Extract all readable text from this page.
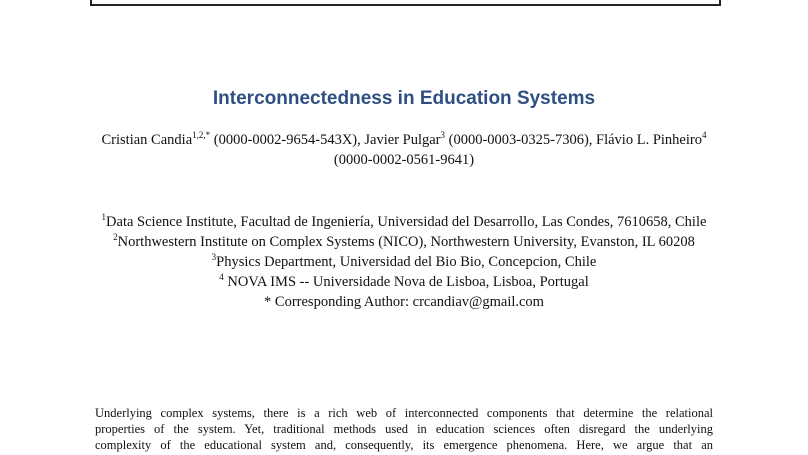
Interconnectedness in Education Systems
Cristian Candia$^{1,2,*}$ (0000-0002-9654-543X), Javier Pulgar$^3$ (0000-0003-0325-7306), Flávio L. Pinheiro$^4$ (0000-0002-0561-9641)
$^1$Data Science Institute, Facultad de Ingeniería, Universidad del Desarrollo, Las Condes, 7610658, Chile
$^2$Northwestern Institute on Complex Systems (NICO), Northwestern University, Evanston, IL 60208
$^3$Physics Department, Universidad del Bio Bio, Concepcion, Chile
$^4$ NOVA IMS -- Universidade Nova de Lisboa, Lisboa, Portugal
* Corresponding Author: crcandiav@gmail.com
Underlying complex systems, there is a rich web of interconnected components that determine the relational
properties of the system. Yet, traditional methods used in education sciences often disregard the underlying
complexity of the educational system and, consequently, its emergence phenomena. Here, we argue that an
